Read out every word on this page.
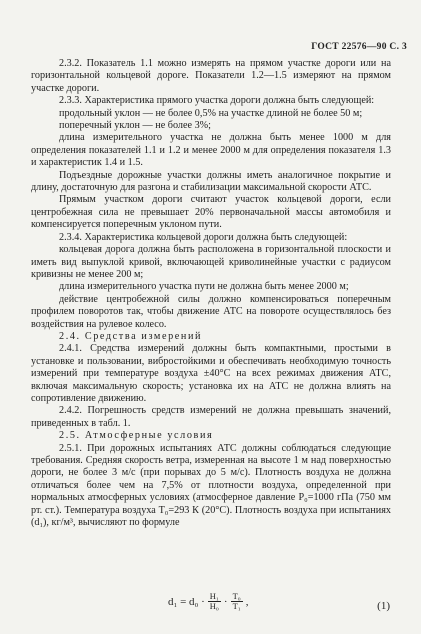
ГОСТ 22576—90 С. 3

2.3.2. Показатель 1.1 можно измерять на прямом участке дороги или на горизонтальной кольцевой дороге. Показатели 1.2—1.5 измеряют на прямом участке дороги.

2.3.3. Характеристика прямого участка дороги должна быть следующей:

продольный уклон — не более 0,5% на участке длиной не более 50 м;

поперечный уклон — не более 3%;

длина измерительного участка не должна быть менее 1000 м для определения показателей 1.1 и 1.2 и менее 2000 м для определения показателя 1.3 и характеристик 1.4 и 1.5.

Подъездные дорожные участки должны иметь аналогичное покрытие и длину, достаточную для разгона и стабилизации максимальной скорости АТС.

Прямым участком дороги считают участок кольцевой дороги, если центробежная сила не превышает 20% первоначальной массы автомобиля и компенсируется поперечным уклоном пути.

2.3.4. Характеристика кольцевой дороги должна быть следующей:

кольцевая дорога должна быть расположена в горизонтальной плоскости и иметь вид выпуклой кривой, включающей криволинейные участки с радиусом кривизны не менее 200 м;

длина измерительного участка пути не должна быть менее 2000 м;

действие центробежной силы должно компенсироваться поперечным профилем поворотов так, чтобы движение АТС на повороте осуществлялось без воздействия на рулевое колесо.

2.4. Средства измерений

2.4.1. Средства измерений должны быть компактными, простыми в установке и пользовании, вибростойкими и обеспечивать необходимую точность измерений при температуре воздуха ±40°С на всех режимах движения АТС, включая максимальную скорость; установка их на АТС не должна влиять на сопротивление движению.

2.4.2. Погрешность средств измерений не должна превышать значений, приведенных в табл. 1.

2.5. Атмосферные условия

2.5.1. При дорожных испытаниях АТС должны соблюдаться следующие требования. Средняя скорость ветра, измеренная на высоте 1 м над поверхностью дороги, не более 3 м/с (при порывах до 5 м/с). Плотность воздуха не должна отличаться более чем на 7,5% от плотности воздуха, определенной при нормальных атмосферных условиях (атмосферное давление P₀=1000 гПа (750 мм рт. ст.). Температура воздуха T₀=293 К (20°С). Плотность воздуха при испытаниях (d₁), кг/м³, вычисляют по формуле

$d_1 = d_0 \cdot \frac{\text{H₁}}{\text{H₀}} \cdot \frac{\text{T₀}}{\text{T₁}}$ ,	(1)
